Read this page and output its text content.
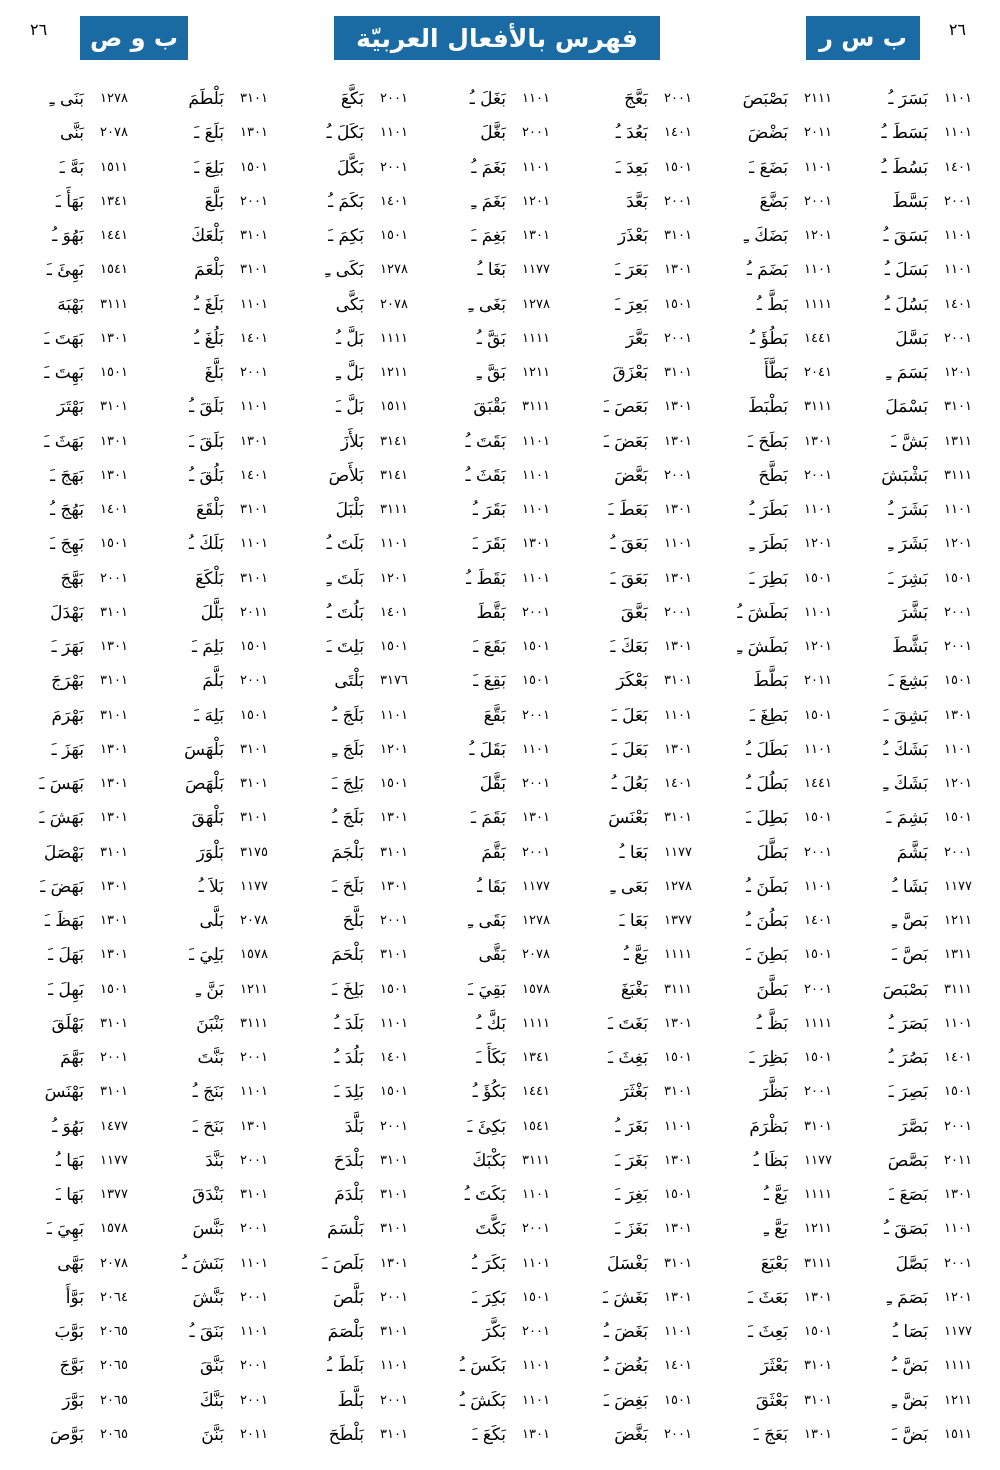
٢٦
ب س ر
فهرس بالأفعال العربيّة
ب و ص
٢٦
١١٠١
بَسَرَ ـُ
٢١١١
بَصْبَصَ
٢٠٠١
بَعَّجَ
١١٠١
بَغَلَ ـُ
٢٠٠١
بَكَّعَ
٣١٠١
بَلْطَمَ
١٢٧٨
بَنَى ـِ
١١٠١
بَسَطَ ـُ
٢٠١١
بَضْضَ
١٤٠١
بَعُدَ ـُ
٢٠٠١
بَغَّلَ
١١٠١
بَكَلَ ـُ
١٣٠١
بَلَعَ ـَ
٢٠٧٨
بَنَّى
١٤٠١
بَسُطَ ـُ
١١٠١
بَضَعَ ـَ
١٥٠١
بَعِدَ ـَ
١١٠١
بَغَمَ ـُ
٢٠٠١
بَكَّلَ
١٥٠١
بَلِعَ ـَ
١٥١١
بَهَّ ـَ
٢٠٠١
بَسَّطَ
٢٠٠١
بَضَّعَ
٢٠٠١
بَعَّدَ
١٢٠١
بَغَمَ ـِ
١٤٠١
بَكَمَ ـُ
٢٠٠١
بَلَّعَ
١٣٤١
بَهَأَ ـَ
١١٠١
بَسَقَ ـُ
١٢٠١
بَضَكَ ـِ
٣١٠١
بَعْذَرَ
١٣٠١
بَغِمَ ـَ
١٥٠١
بَكِمَ ـَ
٣١٠١
بَلْعَكَ
١٤٤١
بَهُوَ ـُ
١١٠١
بَسَلَ ـُ
١١٠١
بَضَمَ ـُ
١٣٠١
بَعَرَ ـَ
١١٧٧
بَغَا ـُ
١٢٧٨
بَكَى ـِ
٣١٠١
بَلْعَمَ
١٥٤١
بَهِئَ ـَ
١٤٠١
بَسُلَ ـُ
١١١١
بَطَّ ـُ
١٥٠١
بَعِرَ ـَ
١٢٧٨
بَغَى ـِ
٢٠٧٨
بَكَّى
١١٠١
بَلَغَ ـُ
٣١١١
بَهْبَهَ
٢٠٠١
بَسَّلَ
١٤٤١
بَطُؤَ ـُ
٢٠٠١
بَعَّرَ
١١١١
بَقَّ ـُ
١١١١
بَلَّ ـُ
١٤٠١
بَلُغَ ـُ
١٣٠١
بَهَتَ ـَ
١٢٠١
بَسَمَ ـِ
٢٠٤١
بَطَّأَ
٣١٠١
بَعْزَقَ
١٢١١
بَقَّ ـِ
١٢١١
بَلَّ ـِ
٢٠٠١
بَلَّغَ
١٥٠١
بَهِتَ ـَ
٣١٠١
بَسْمَلَ
٣١١١
بَطْبَطَ
١٣٠١
بَعَصَ ـَ
٣١١١
بَقْبَقَ
١٥١١
بَلَّ ـَ
١١٠١
بَلَقَ ـُ
٣١٠١
بَهْتَرَ
١٣١١
بَشَّ ـَ
١٣٠١
بَطَحَ ـَ
١٣٠١
بَعَضَ ـَ
١١٠١
بَقَتَ ـُ
٣١٤١
بَلأَزَ
١٣٠١
بَلَقَ ـَ
١٣٠١
بَهَثَ ـَ
٣١١١
بَشْبَشَ
٢٠٠١
بَطَّحَ
٢٠٠١
بَعَّضَ
١١٠١
بَقَثَ ـُ
٣١٤١
بَلأَصَ
١٤٠١
بَلُقَ ـُ
١٣٠١
بَهَجَ ـَ
١١٠١
بَشَرَ ـُ
١١٠١
بَطَرَ ـُ
١٣٠١
بَعَطَ ـَ
١١٠١
بَقَرَ ـُ
٣١١١
بَلْبَلَ
٣١٠١
بَلْقَعَ
١٤٠١
بَهُجَ ـُ
١٢٠١
بَشَرَ ـِ
١٢٠١
بَطَرَ ـِ
١١٠١
بَعَقَ ـُ
١٣٠١
بَقَرَ ـَ
١١٠١
بَلَتَ ـُ
١١٠١
بَلَكَ ـُ
١٥٠١
بَهِجَ ـَ
١٥٠١
بَشِرَ ـَ
١٥٠١
بَطِرَ ـَ
١٣٠١
بَعَقَ ـَ
١١٠١
بَقَطَ ـُ
١٢٠١
بَلَتَ ـِ
٣١٠١
بَلْكَعَ
٢٠٠١
بَهَّجَ
٢٠٠١
بَشَّرَ
١١٠١
بَطَشَ ـُ
٢٠٠١
بَعَّقَ
٢٠٠١
بَقَّطَ
١٤٠١
بَلُتَ ـُ
٢٠١١
بَلَّلَ
٣١٠١
بَهْدَلَ
٢٠٠١
بَشَّطَ
١٢٠١
بَطَشَ ـِ
١٣٠١
بَعَكَ ـَ
١٥٠١
بَقَعَ ـَ
١٥٠١
بَلِتَ ـَ
١٥٠١
بَلِمَ ـَ
١٣٠١
بَهَرَ ـَ
١٥٠١
بَشِعَ ـَ
٢٠١١
بَطَّطَ
٣١٠١
بَعْكَرَ
١٥٠١
بَقِعَ ـَ
٣١٧٦
بَلْتَى
٢٠٠١
بَلَّمَ
٣١٠١
بَهْرَجَ
١٣٠١
بَشِقَ ـَ
١٥٠١
بَطِغَ ـَ
١١٠١
بَعَلَ ـَ
٢٠٠١
بَقَّعَ
١١٠١
بَلَجَ ـُ
١٥٠١
بَلِهَ ـَ
٣١٠١
بَهْرَمَ
١١٠١
بَشَكَ ـُ
١١٠١
بَطَلَ ـُ
١٣٠١
بَعَلَ ـَ
١١٠١
بَقَلَ ـُ
١٢٠١
بَلَجَ ـِ
٣١٠١
بَلْهَسَ
١٣٠١
بَهَزَ ـَ
١٢٠١
بَشَكَ ـِ
١٤٤١
بَطُلَ ـُ
١٤٠١
بَعُلَ ـُ
٢٠٠١
بَقَّلَ
١٥٠١
بَلِجَ ـَ
٣١٠١
بَلْهَصَ
١٣٠١
بَهَسَ ـَ
١٥٠١
بَشِمَ ـَ
١٥٠١
بَطِلَ ـَ
٣١٠١
بَعْنَسَ
١٣٠١
بَقَمَ ـَ
١٣٠١
بَلَجَ ـُ
٣١٠١
بَلْهَقَ
١٣٠١
بَهَشَ ـَ
٢٠٠١
بَشَّمَ
٢٠٠١
بَطَّلَ
١١٧٧
بَعَا ـُ
٢٠٠١
بَقَّمَ
٣١٠١
بَلْجَمَ
٣١٧٥
بَلْوَرَ
٣١٠١
بَهْصَلَ
١١٧٧
بَشَا ـُ
١١٠١
بَطَنَ ـُ
١٢٧٨
بَعَى ـِ
١١٧٧
بَقَا ـُ
١٣٠١
بَلَحَ ـَ
١١٧٧
بَلاَ ـُ
١٣٠١
بَهَضَ ـَ
١٢١١
بَصَّ ـِ
١٤٠١
بَطُنَ ـُ
١٣٧٧
بَعَا ـَ
١٢٧٨
بَقَى ـِ
٢٠٠١
بَلَّحَ
٢٠٧٨
بَلَّى
١٣٠١
بَهَظَ ـَ
١٣١١
بَصَّ ـَ
١٥٠١
بَطِنَ ـَ
١١١١
بَعَّ ـُ
٢٠٧٨
بَقَّى
٣١٠١
بَلْحَمَ
١٥٧٨
بَلِيَ ـَ
١٣٠١
بَهَلَ ـَ
٣١١١
بَصْبَصَ
٢٠٠١
بَطَّنَ
٣١١١
بَغْبَغَ
١٥٧٨
بَقِيَ ـَ
١٥٠١
بَلِخَ ـَ
١٢١١
بَنَّ ـِ
١٥٠١
بَهِلَ ـَ
١١٠١
بَصَرَ ـُ
١١١١
بَظَّ ـُ
١٣٠١
بَغَتَ ـَ
١١١١
بَكَّ ـُ
١١٠١
بَلَدَ ـُ
٣١١١
بَنْبَنَ
٣١٠١
بَهْلَقَ
١٤٠١
بَصُرَ ـُ
١٥٠١
بَظِرَ ـَ
١٥٠١
بَغِثَ ـَ
١٣٤١
بَكَأَ ـَ
١٤٠١
بَلُدَ ـُ
٢٠٠١
بَنَّتَ
٢٠٠١
بَهَّمَ
١٥٠١
بَصِرَ ـَ
٢٠٠١
بَظَّرَ
٣١٠١
بَغْثَرَ
١٤٤١
بَكُؤَ ـُ
١٥٠١
بَلِدَ ـَ
١١٠١
بَنَجَ ـُ
٣١٠١
بَهْنَسَ
٢٠٠١
بَصَّرَ
٣١٠١
بَظْرَمَ
١١٠١
بَغَرَ ـُ
١٥٤١
بَكِئَ ـَ
٢٠٠١
بَلَّدَ
١٣٠١
بَنَحَ ـَ
١٤٧٧
بَهُوَ ـُ
٢٠١١
بَصَّصَ
١١٧٧
بَظَا ـُ
١٣٠١
بَغَرَ ـَ
٣١١١
بَكْبَكَ
٣١٠١
بَلْدَحَ
٢٠٠١
بَنَّدَ
١١٧٧
بَهَا ـُ
١٣٠١
بَصَعَ ـَ
١١١١
بَعَّ ـُ
١٥٠١
بَغِرَ ـَ
١١٠١
بَكَتَ ـُ
٣١٠١
بَلْدَمَ
٣١٠١
بَنْدَقَ
١٣٧٧
بَهَا ـَ
١١٠١
بَصَقَ ـُ
١٢١١
بَعَّ ـِ
١٣٠١
بَغَزَ ـَ
٢٠٠١
بَكَّتَ
٣١٠١
بَلْسَمَ
٢٠٠١
بَنَّسَ
١٥٧٨
بَهِيَ ـَ
٢٠٠١
بَصَّلَ
٣١١١
بَعْبَعَ
٣١٠١
بَغْسَلَ
١١٠١
بَكَرَ ـُ
١٣٠١
بَلَصَ ـَ
١١٠١
بَنَشَ ـُ
٢٠٧٨
بَهَّى
١٢٠١
بَصَمَ ـِ
١٣٠١
بَعَثَ ـَ
١٣٠١
بَغَشَ ـَ
١٥٠١
بَكِرَ ـَ
٢٠٠١
بَلَّصَ
٢٠٠١
بَنَّشَ
٢٠٦٤
بَوَّأَ
١١٧٧
بَصَا ـُ
١٥٠١
بَعِثَ ـَ
١١٠١
بَغَضَ ـُ
٢٠٠١
بَكَّرَ
٣١٠١
بَلْصَمَ
١١٠١
بَنَقَ ـُ
٢٠٦٥
بَوَّبَ
١١١١
بَضَّ ـُ
٣١٠١
بَعْثَرَ
١٤٠١
بَغُضَ ـُ
١١٠١
بَكَسَ ـُ
١١٠١
بَلَطَ ـُ
٢٠٠١
بَنَّقَ
٢٠٦٥
بَوَّجَ
١٢١١
بَضَّ ـِ
٣١٠١
بَعْثَقَ
١٥٠١
بَغِضَ ـَ
١١٠١
بَكَشَ ـُ
٢٠٠١
بَلَّطَ
٢٠٠١
بَنَّكَ
٢٠٦٥
بَوَّرَ
١٥١١
بَضَّ ـَ
١٣٠١
بَعَجَ ـَ
٢٠٠١
بَغَّضَ
١٣٠١
بَكَعَ ـَ
٣١٠١
بَلْطَحَ
٢٠١١
بَنَّنَ
٢٠٦٥
بَوَّصَ
